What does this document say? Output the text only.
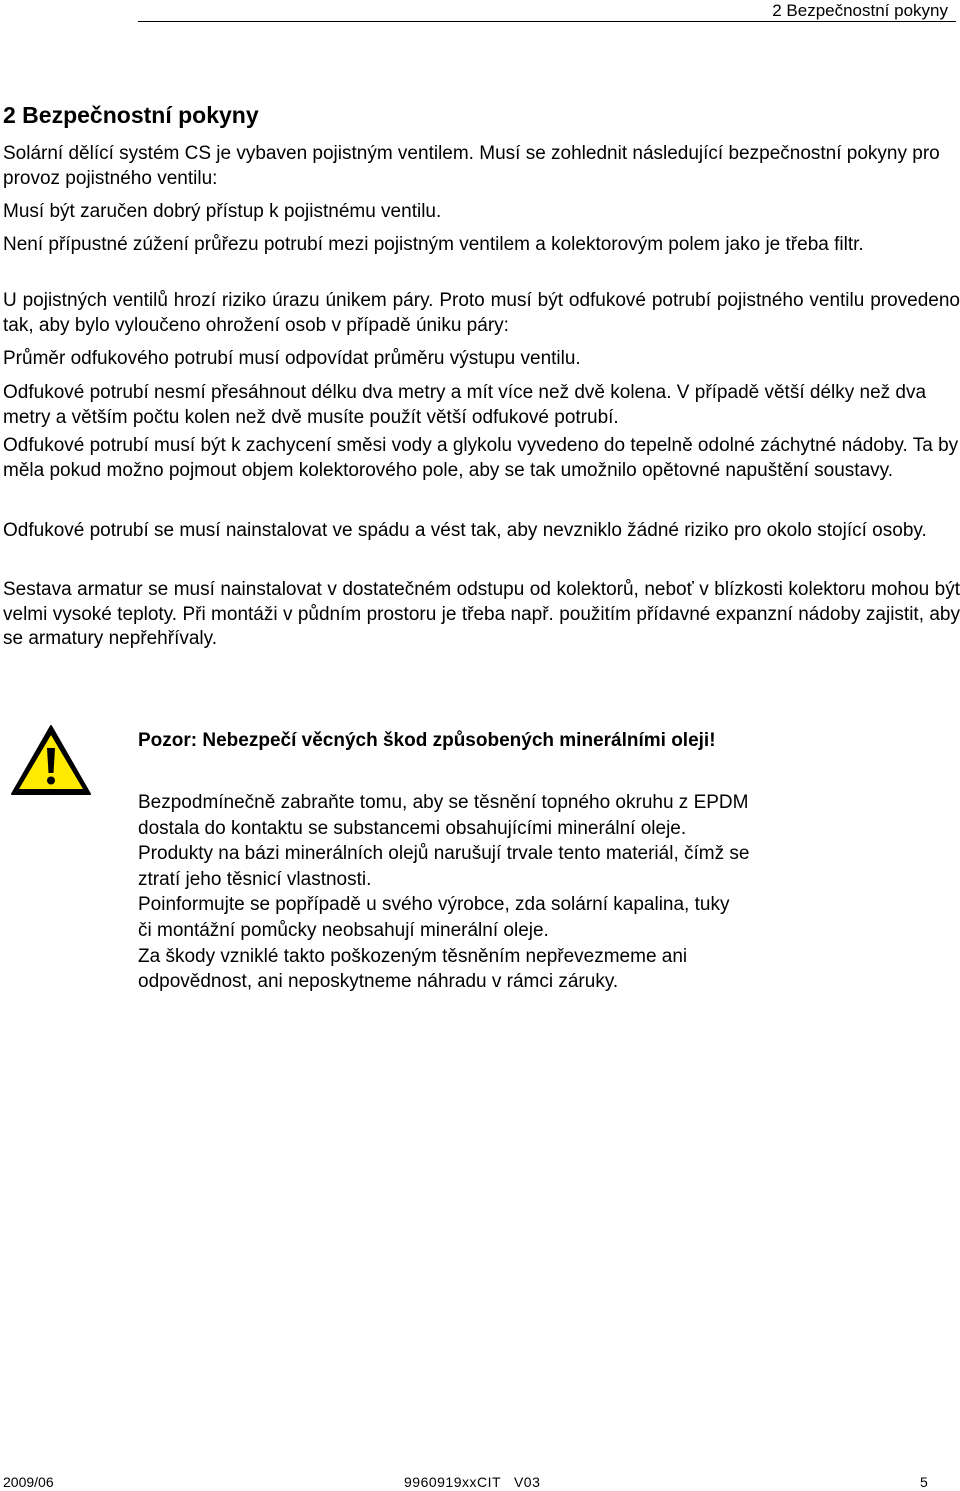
2 Bezpečnostní pokyny
2 Bezpečnostní pokyny

Solární dělící systém CS je vybaven pojistným ventilem. Musí se zohlednit následující bezpečnostní pokyny pro provoz pojistného ventilu:

Musí být zaručen dobrý přístup k pojistnému ventilu.

Není přípustné zúžení průřezu potrubí mezi pojistným ventilem a kolektorovým polem jako je třeba filtr.

U pojistných ventilů hrozí riziko úrazu únikem páry. Proto musí být odfukové potrubí pojistného ventilu provedeno tak, aby bylo vyloučeno ohrožení osob v případě úniku páry:

Průměr odfukového potrubí musí odpovídat průměru výstupu ventilu.

Odfukové potrubí nesmí přesáhnout délku dva metry a mít více než dvě kolena. V případě větší délky než dva metry a větším počtu kolen než dvě musíte použít větší odfukové potrubí.

Odfukové potrubí musí být k zachycení směsi vody a glykolu vyvedeno do tepelně odolné záchytné nádoby. Ta by měla pokud možno pojmout objem kolektorového pole, aby se tak umožnilo opětovné napuštění soustavy.

Odfukové potrubí se musí nainstalovat ve spádu a vést tak, aby nevzniklo žádné riziko pro okolo stojící osoby.

Sestava armatur se musí nainstalovat v dostatečném odstupu od kolektorů, neboť v blízkosti kolektoru mohou být velmi vysoké teploty. Při montáži v půdním prostoru je třeba např. použitím přídavné expanzní nádoby zajistit, aby se armatury nepřehřívaly.

Pozor: Nebezpečí věcných škod způsobených minerálními oleji!

Bezpodmínečně zabraňte tomu, aby se těsnění topného okruhu z EPDM
dostala do kontaktu se substancemi obsahujícími minerální oleje.
Produkty na bázi minerálních olejů narušují trvale tento materiál, čímž se
ztratí jeho těsnicí vlastnosti.
Poinformujte se popřípadě u svého výrobce, zda solární kapalina, tuky
či montážní pomůcky neobsahují minerální oleje.
Za škody vzniklé takto poškozeným těsněním nepřevezmeme ani
odpovědnost, ani neposkytneme náhradu v rámci záruky.

2009/06	9960919xxCIT   V03	5
